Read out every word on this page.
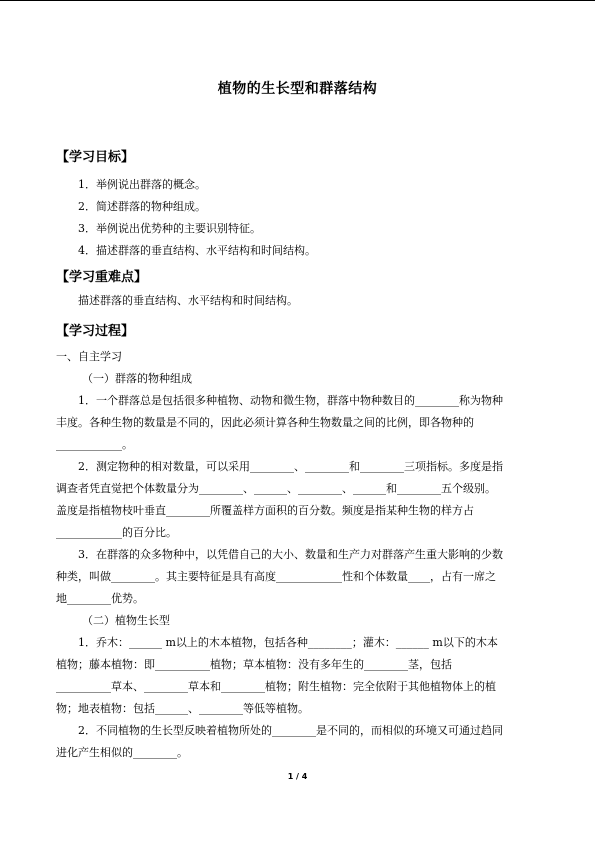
植物的生长型和群落结构
【学习目标】
1．举例说出群落的概念。
2．简述群落的物种组成。
3．举例说出优势种的主要识别特征。
4．描述群落的垂直结构、水平结构和时间结构。
【学习重难点】
描述群落的垂直结构、水平结构和时间结构。
【学习过程】
一、自主学习
（一）群落的物种组成
1．一个群落总是包括很多种植物、动物和微生物，群落中物种数目的________称为物种
丰度。各种生物的数量是不同的，因此必须计算各种生物数量之间的比例，即各物种的
____________。
2．测定物种的相对数量，可以采用________、________和________三项指标。多度是指
调查者凭直觉把个体数量分为________、______、________、______和________五个级别。
盖度是指植物枝叶垂直________所覆盖样方面积的百分数。频度是指某种生物的样方占
____________的百分比。
3．在群落的众多物种中，以凭借自己的大小、数量和生产力对群落产生重大影响的少数
种类，叫做________。其主要特征是具有高度____________性和个体数量____，占有一席之
地________优势。
（二）植物生长型
1．乔木：______ m以上的木本植物，包括各种________；灌木：______ m以下的木本
植物；藤本植物：即__________植物；草本植物：没有多年生的________茎，包括
__________草本、________草本和________植物；附生植物：完全依附于其他植物体上的植
物；地表植物：包括______、________等低等植物。
2．不同植物的生长型反映着植物所处的________是不同的，而相似的环境又可通过趋同
进化产生相似的________。
1 / 4
